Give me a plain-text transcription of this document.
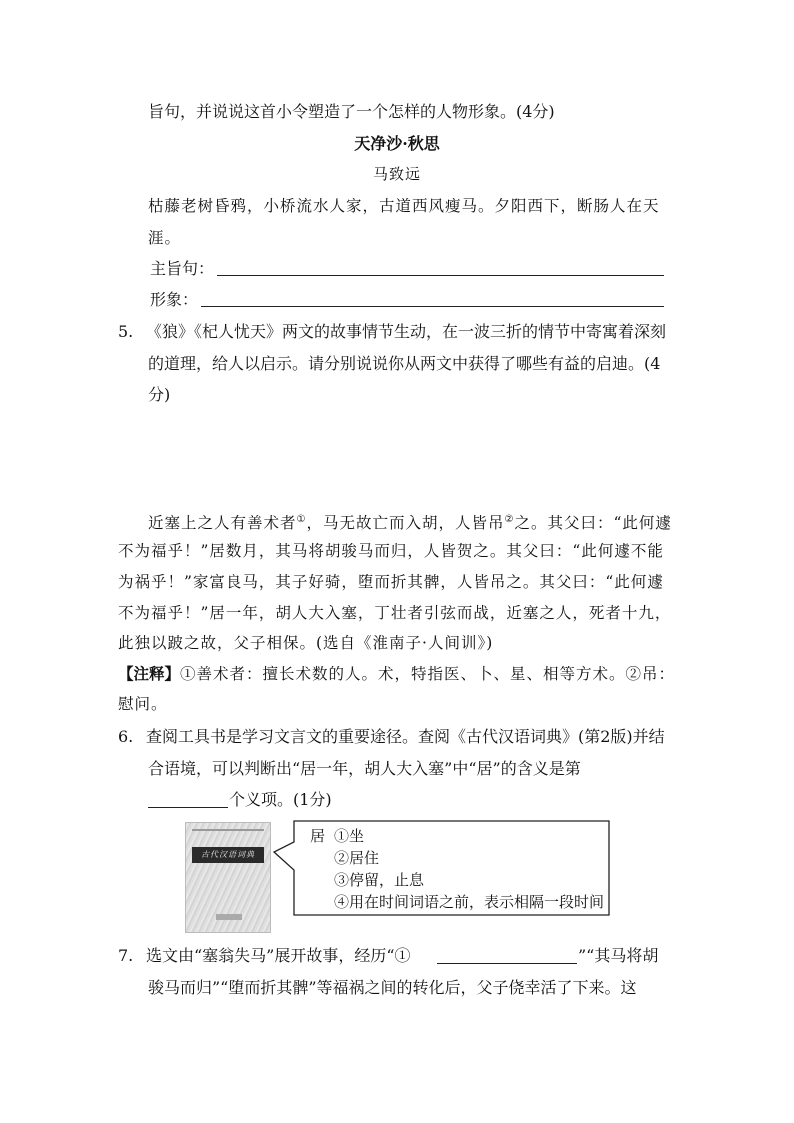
旨句，并说说这首小令塑造了一个怎样的人物形象。(4分)
天净沙·秋思
马致远
枯藤老树昏鸦，小桥流水人家，古道西风瘦马。夕阳西下，断肠人在天
涯。
主旨句：
形象：
5. 《狼》《杞人忧天》两文的故事情节生动，在一波三折的情节中寄寓着深刻
的道理，给人以启示。请分别说说你从两文中获得了哪些有益的启迪。(4
分)
近塞上之人有善术者①，马无故亡而入胡，人皆吊②之。其父曰：“此何遽
不为福乎！”居数月，其马将胡骏马而归，人皆贺之。其父曰：“此何遽不能
为祸乎！”家富良马，其子好骑，堕而折其髀，人皆吊之。其父曰：“此何遽
不为福乎！”居一年，胡人大入塞，丁壮者引弦而战，近塞之人，死者十九，
此独以跛之故，父子相保。(选自《淮南子·人间训》)
【注释】①善术者：擅长术数的人。术，特指医、卜、星、相等方术。②吊：
慰问。
6. 查阅工具书是学习文言文的重要途径。查阅《古代汉语词典》(第2版)并结
合语境，可以判断出“居一年，胡人大入塞”中“居”的含义是第
个义项。(1分)
古代汉语词典
居 ①坐
②居住
③停留，止息
④用在时间词语之前，表示相隔一段时间
7. 选文由“塞翁失马”展开故事，经历“①	”“其马将胡
骏马而归”“堕而折其髀”等福祸之间的转化后，父子侥幸活了下来。这
